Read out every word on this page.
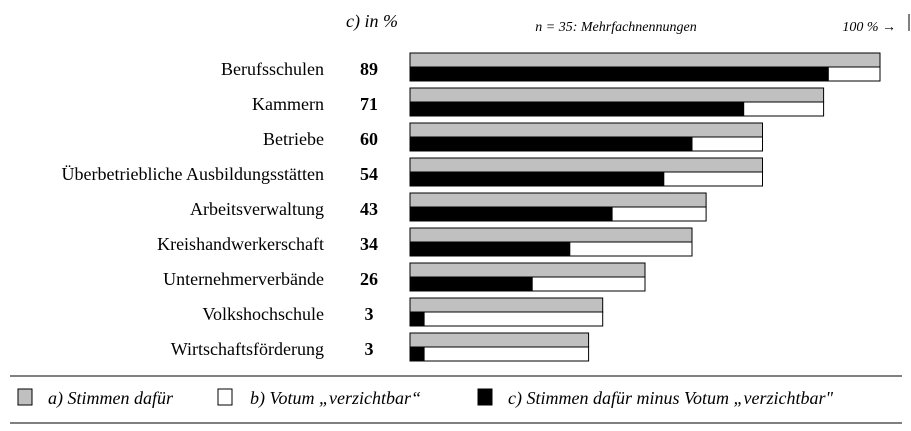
c) in %	n = 35: Mehrfachnennungen	100 % →
Berufsschulen 89
Kammern 71
Betriebe 60
Überbetriebliche Ausbildungsstätten 54
Arbeitsverwaltung 43
Kreishandwerkerschaft 34
Unternehmerverbände 26
Volkshochschule 3
Wirtschaftsförderung 3
a) Stimmen dafür	b) Votum „verzichtbar“	c) Stimmen dafür minus Votum „verzichtbar"
